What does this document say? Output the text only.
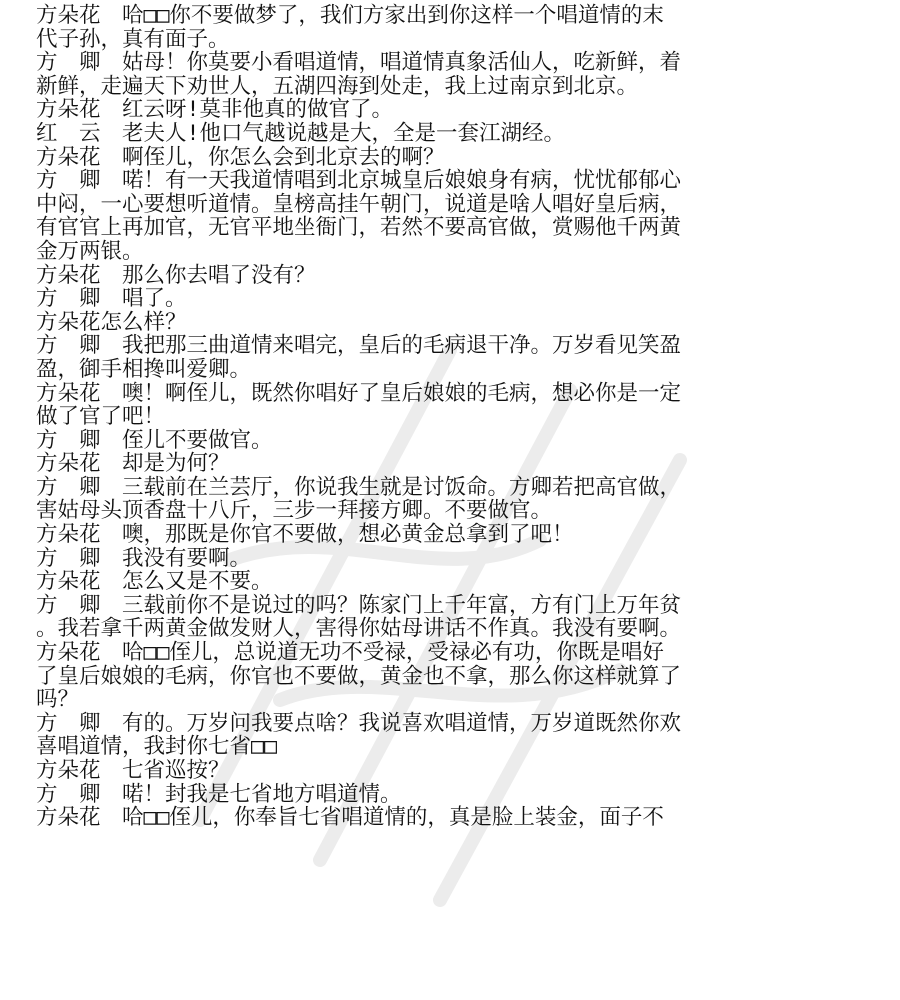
方朵花　哈□□你不要做梦了，我们方家出到你这样一个唱道情的末
代子孙，真有面子。
方　卿　姑母！你莫要小看唱道情，唱道情真象活仙人，吃新鲜，着
新鲜，走遍天下劝世人，五湖四海到处走，我上过南京到北京。
方朵花　红云呀!莫非他真的做官了。
红　云　老夫人!他口气越说越是大，全是一套江湖经。
方朵花　啊侄儿，你怎么会到北京去的啊？
方　卿　喏！有一天我道情唱到北京城皇后娘娘身有病，忧忧郁郁心
中闷，一心要想听道情。皇榜高挂午朝门，说道是啥人唱好皇后病，
有官官上再加官，无官平地坐衙门，若然不要高官做，赏赐他千两黄
金万两银。
方朵花　那么你去唱了没有？
方　卿　唱了。
方朵花怎么样？
方　卿　我把那三曲道情来唱完，皇后的毛病退干净。万岁看见笑盈
盈，御手相搀叫爱卿。
方朵花　噢！啊侄儿，既然你唱好了皇后娘娘的毛病，想必你是一定
做了官了吧！
方　卿　侄儿不要做官。
方朵花　却是为何？
方　卿　三载前在兰芸厅，你说我生就是讨饭命。方卿若把高官做，
害姑母头顶香盘十八斤，三步一拜接方卿。不要做官。
方朵花　噢，那既是你官不要做，想必黄金总拿到了吧！
方　卿　我没有要啊。
方朵花　怎么又是不要。
方　卿　三载前你不是说过的吗？陈家门上千年富，方有门上万年贫
。我若拿千两黄金做发财人，害得你姑母讲话不作真。我没有要啊。
方朵花　哈□□侄儿，总说道无功不受禄，受禄必有功，你既是唱好
了皇后娘娘的毛病，你官也不要做，黄金也不拿，那么你这样就算了
吗？
方　卿　有的。万岁问我要点啥？我说喜欢唱道情，万岁道既然你欢
喜唱道情，我封你七省□□
方朵花　七省巡按？
方　卿　喏！封我是七省地方唱道情。
方朵花　哈□□侄儿，你奉旨七省唱道情的，真是脸上装金，面子不
